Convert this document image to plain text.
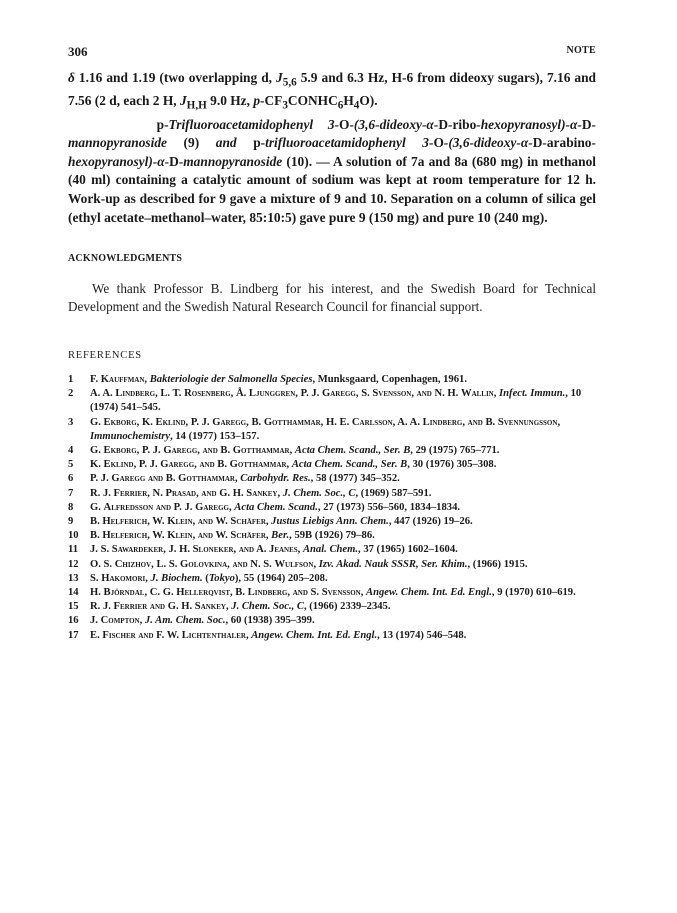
306	NOTE
δ 1.16 and 1.19 (two overlapping d, $J_{5,6}$ 5.9 and 6.3 Hz, H-6 from dideoxy sugars), 7.16 and 7.56 (2 d, each 2 H, $J_{H,H}$ 9.0 Hz, $p-CF_3CONHC_6H_4O$).
p-Trifluoroacetamidophenyl 3-O-(3,6-dideoxy-α-D-ribo-hexopyranosyl)-α-D-mannopyranoside (9) and p-trifluoroacetamidophenyl 3-O-(3,6-dideoxy-α-D-arabino-hexopyranosyl)-α-D-mannopyranoside (10). — A solution of 7a and 8a (680 mg) in methanol (40 ml) containing a catalytic amount of sodium was kept at room temperature for 12 h. Work-up as described for 9 gave a mixture of 9 and 10. Separation on a column of silica gel (ethyl acetate–methanol–water, 85:10:5) gave pure 9 (150 mg) and pure 10 (240 mg).
ACKNOWLEDGMENTS
We thank Professor B. Lindberg for his interest, and the Swedish Board for Technical Development and the Swedish Natural Research Council for financial support.
REFERENCES
1	F. Kauffman, Bakteriologie der Salmonella Species, Munksgaard, Copenhagen, 1961.
2	A. A. Lindberg, L. T. Rosenberg, Å. Ljunggren, P. J. Garegg, S. Svensson, and N. H. Wallin, Infect. Immun., 10 (1974) 541–545.
3	G. Ekborg, K. Eklind, P. J. Garegg, B. Gotthammar, H. E. Carlsson, A. A. Lindberg, and B. Svennungsson, Immunochemistry, 14 (1977) 153–157.
4	G. Ekborg, P. J. Garegg, and B. Gotthammar, Acta Chem. Scand., Ser. B, 29 (1975) 765–771.
5	K. Eklind, P. J. Garegg, and B. Gotthammar, Acta Chem. Scand., Ser. B, 30 (1976) 305–308.
6	P. J. Garegg and B. Gotthammar, Carbohydr. Res., 58 (1977) 345–352.
7	R. J. Ferrier, N. Prasad, and G. H. Sankey, J. Chem. Soc., C, (1969) 587–591.
8	G. Alfredsson and P. J. Garegg, Acta Chem. Scand., 27 (1973) 556–560, 1834–1834.
9	B. Helferich, W. Klein, and W. Schäfer, Justus Liebigs Ann. Chem., 447 (1926) 19–26.
10	B. Helferich, W. Klein, and W. Schäfer, Ber., 59B (1926) 79–86.
11	J. S. Sawardeker, J. H. Sloneker, and A. Jeanes, Anal. Chem., 37 (1965) 1602–1604.
12	O. S. Chizhov, L. S. Golovkina, and N. S. Wulfson, Izv. Akad. Nauk SSSR, Ser. Khim., (1966) 1915.
13	S. Hakomori, J. Biochem. (Tokyo), 55 (1964) 205–208.
14	H. Björndal, C. G. Hellerqvist, B. Lindberg, and S. Svensson, Angew. Chem. Int. Ed. Engl., 9 (1970) 610–619.
15	R. J. Ferrier and G. H. Sankey, J. Chem. Soc., C, (1966) 2339–2345.
16	J. Compton, J. Am. Chem. Soc., 60 (1938) 395–399.
17	E. Fischer and F. W. Lichtenthaler, Angew. Chem. Int. Ed. Engl., 13 (1974) 546–548.
